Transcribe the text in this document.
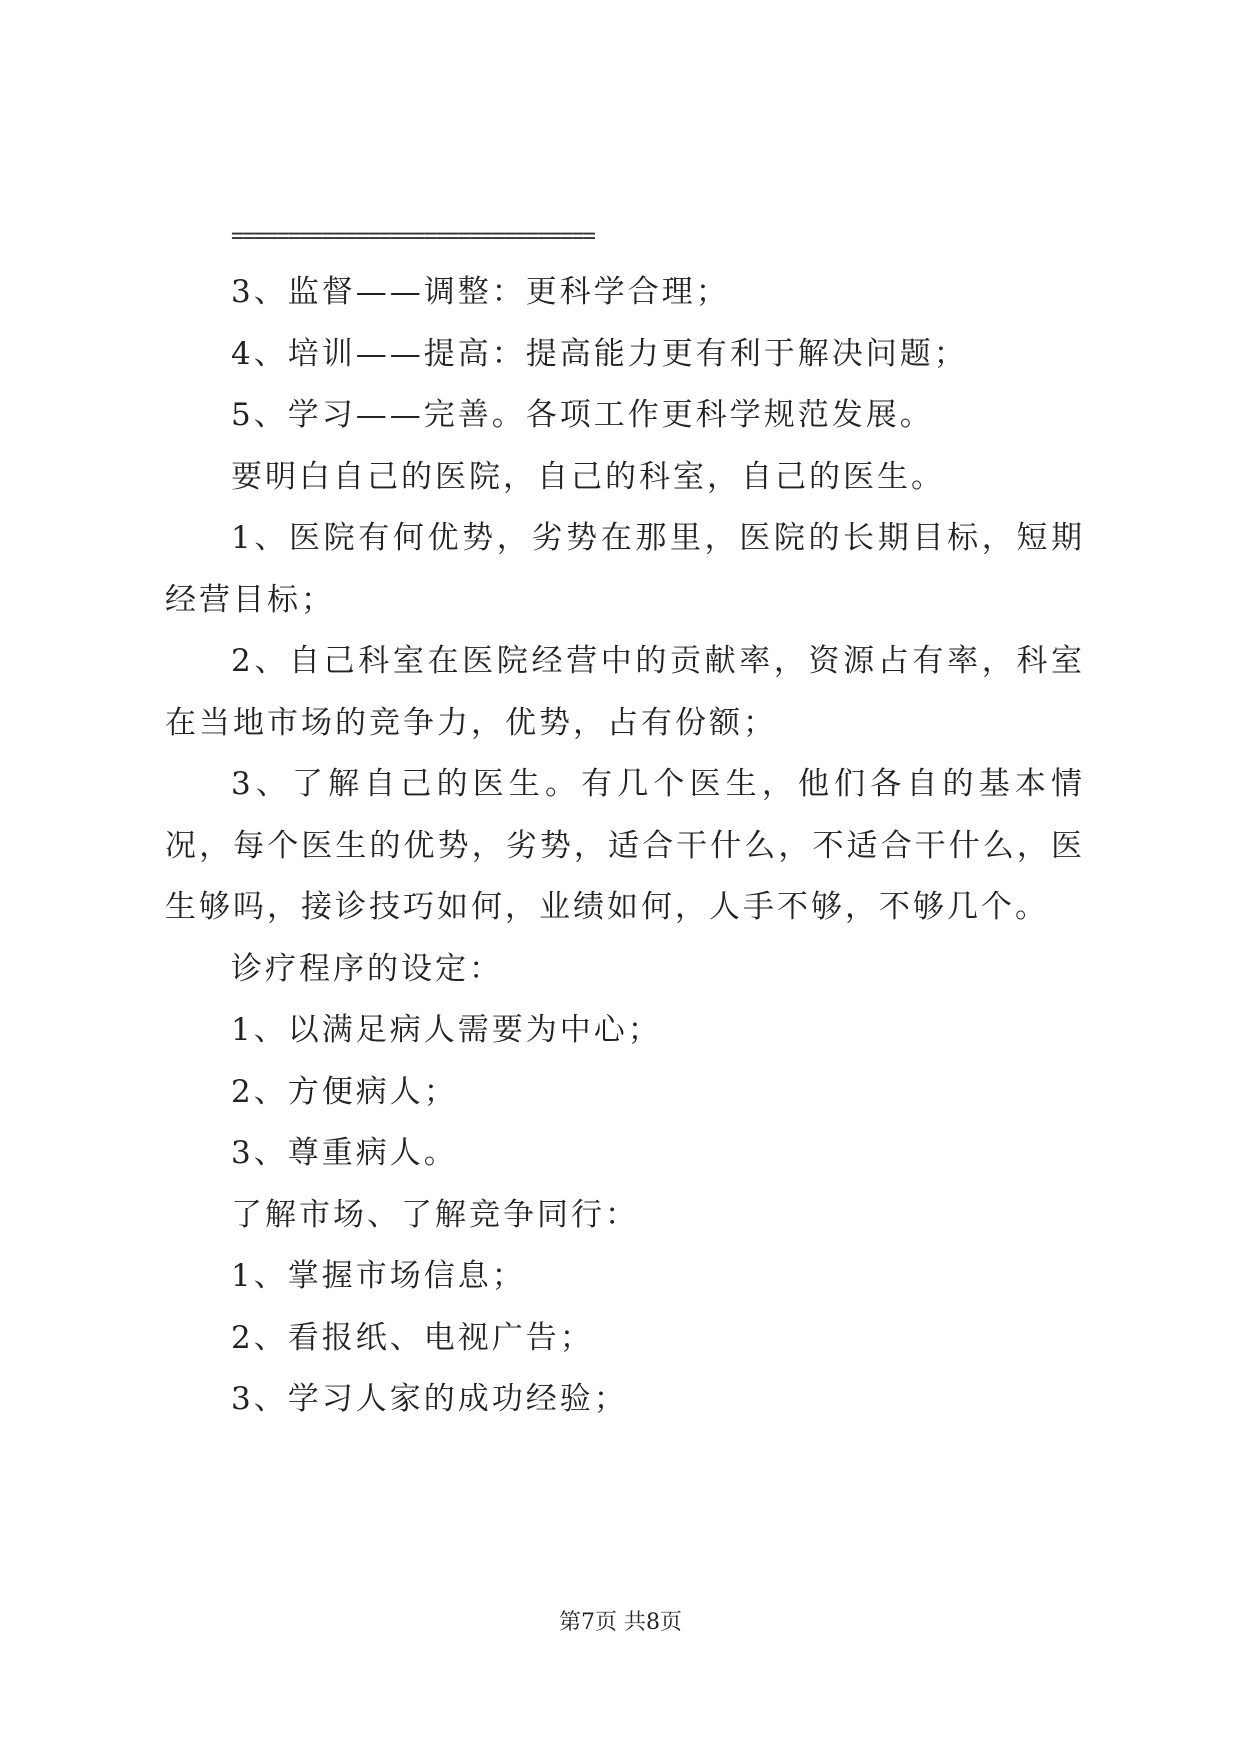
================================

3、监督——调整：更科学合理；

4、培训——提高：提高能力更有利于解决问题；

5、学习——完善。各项工作更科学规范发展。

要明白自己的医院，自己的科室，自己的医生。

1、医院有何优势，劣势在那里，医院的长期目标，短期经营目标；

2、自己科室在医院经营中的贡献率，资源占有率，科室在当地市场的竞争力，优势，占有份额；

3、了解自己的医生。有几个医生，他们各自的基本情况，每个医生的优势，劣势，适合干什么，不适合干什么，医生够吗，接诊技巧如何，业绩如何，人手不够，不够几个。

诊疗程序的设定：

1、以满足病人需要为中心；

2、方便病人；

3、尊重病人。

了解市场、了解竞争同行：

1、掌握市场信息；

2、看报纸、电视广告；

3、学习人家的成功经验；

第7页 共8页
